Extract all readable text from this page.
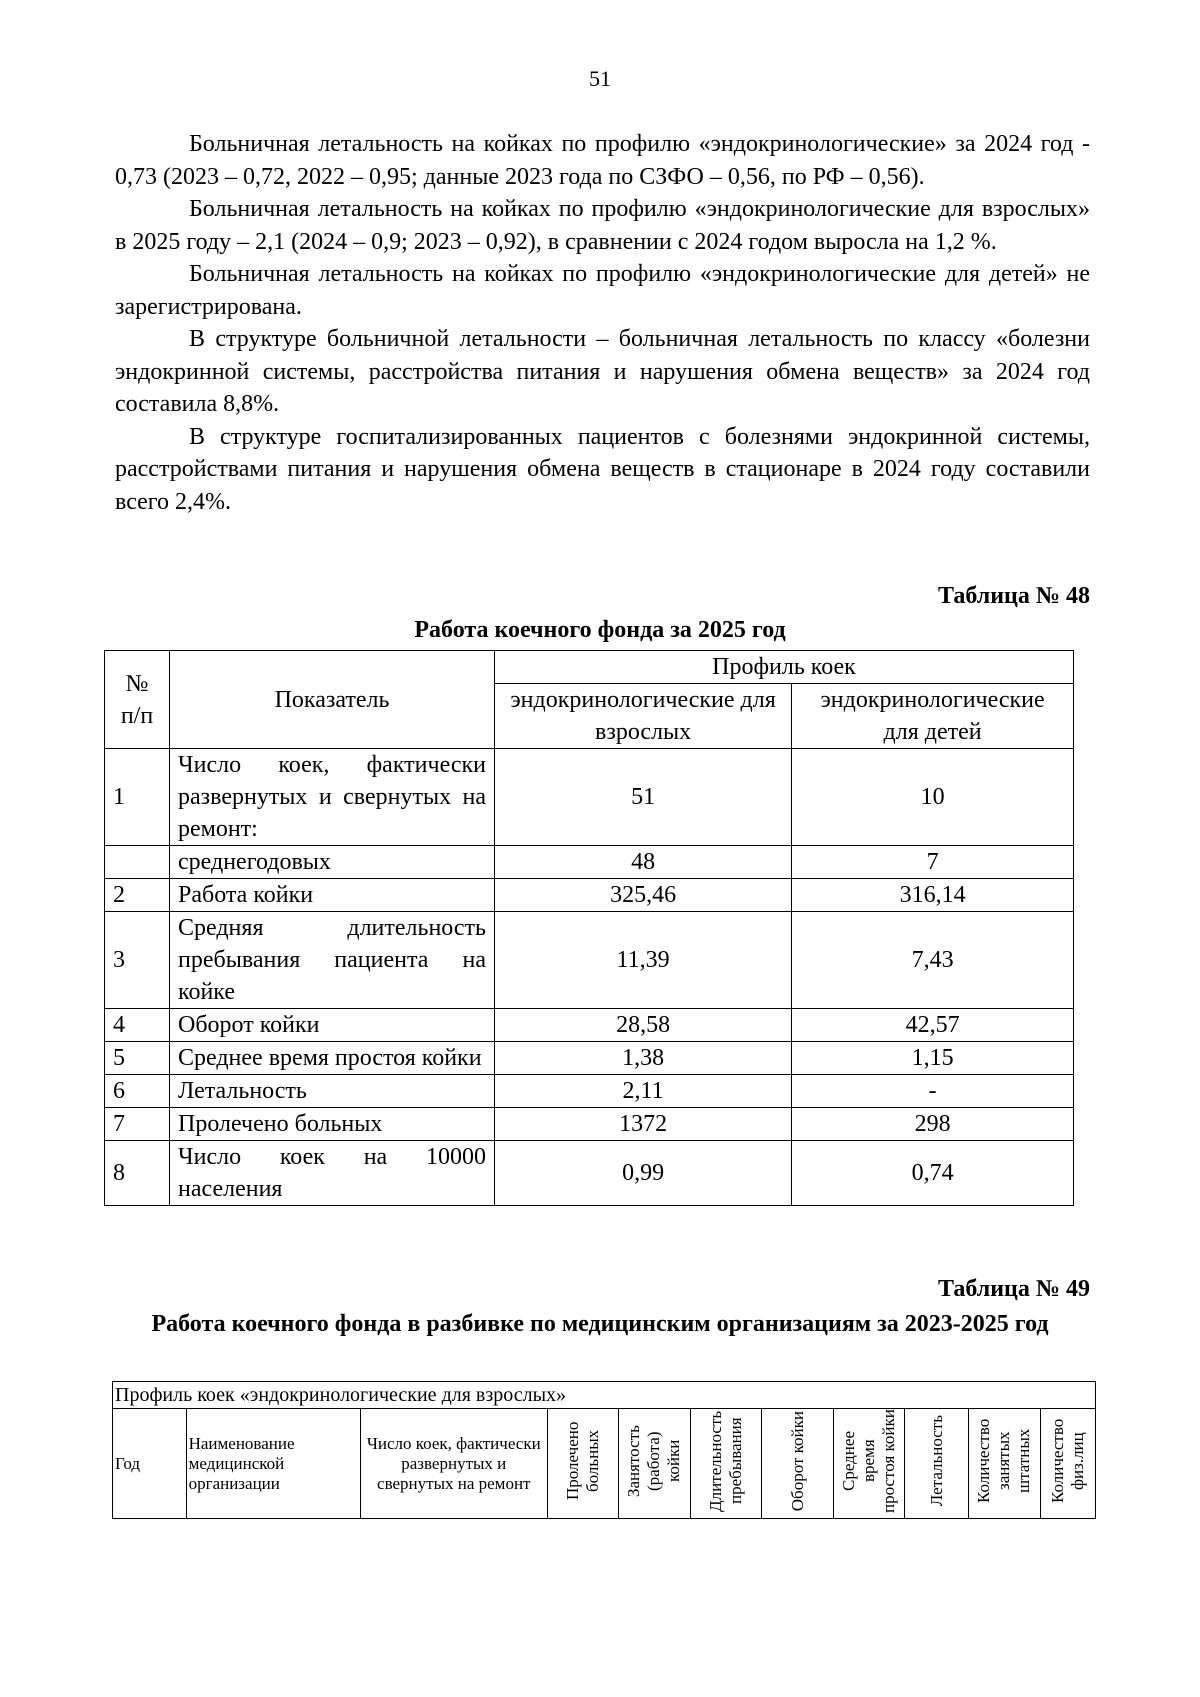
51

Больничная летальность на койках по профилю «эндокринологические» за 2024 год - 0,73 (2023 – 0,72, 2022 – 0,95; данные 2023 года по СЗФО – 0,56, по РФ – 0,56).

Больничная летальность на койках по профилю «эндокринологические для взрослых» в 2025 году – 2,1 (2024 – 0,9; 2023 – 0,92), в сравнении с 2024 годом выросла на 1,2 %.

Больничная летальность на койках по профилю «эндокринологические для детей» не зарегистрирована.

В структуре больничной летальности – больничная летальность по классу «болезни эндокринной системы, расстройства питания и нарушения обмена веществ» за 2024 год составила 8,8%.

В структуре госпитализированных пациентов с болезнями эндокринной системы, расстройствами питания и нарушения обмена веществ в стационаре в 2024 году составили всего 2,4%.

Таблица № 48
Работа коечного фонда за 2025 год
№ п/п	Показатель	Профиль коек	
		эндокринологические для взрослых	эндокринологические для детей
1	Число коек, фактически развернутых и свернутых на ремонт:	51	10
	среднегодовых	48	7
2	Работа койки	325,46	316,14
3	Средняя длительность пребывания пациента на койке	11,39	7,43
4	Оборот койки	28,58	42,57
5	Среднее время простоя койки	1,38	1,15
6	Летальность	2,11	-
7	Пролечено больных	1372	298
8	Число коек на 10000 населения	0,99	0,74
Таблица № 49
Работа коечного фонда в разбивке по медицинским организациям за 2023-2025 год
Профиль коек «эндокринологические для взрослых»
Год	Наименование медицинской организации	Число коек, фактически развернутых и свернутых на ремонт	Пролечено больных	Занятость (работа) койки	Длительность пребывания	Оборот койки	Среднее время простоя койки	Летальность	Количество занятых штатных	Количество физ.лиц
